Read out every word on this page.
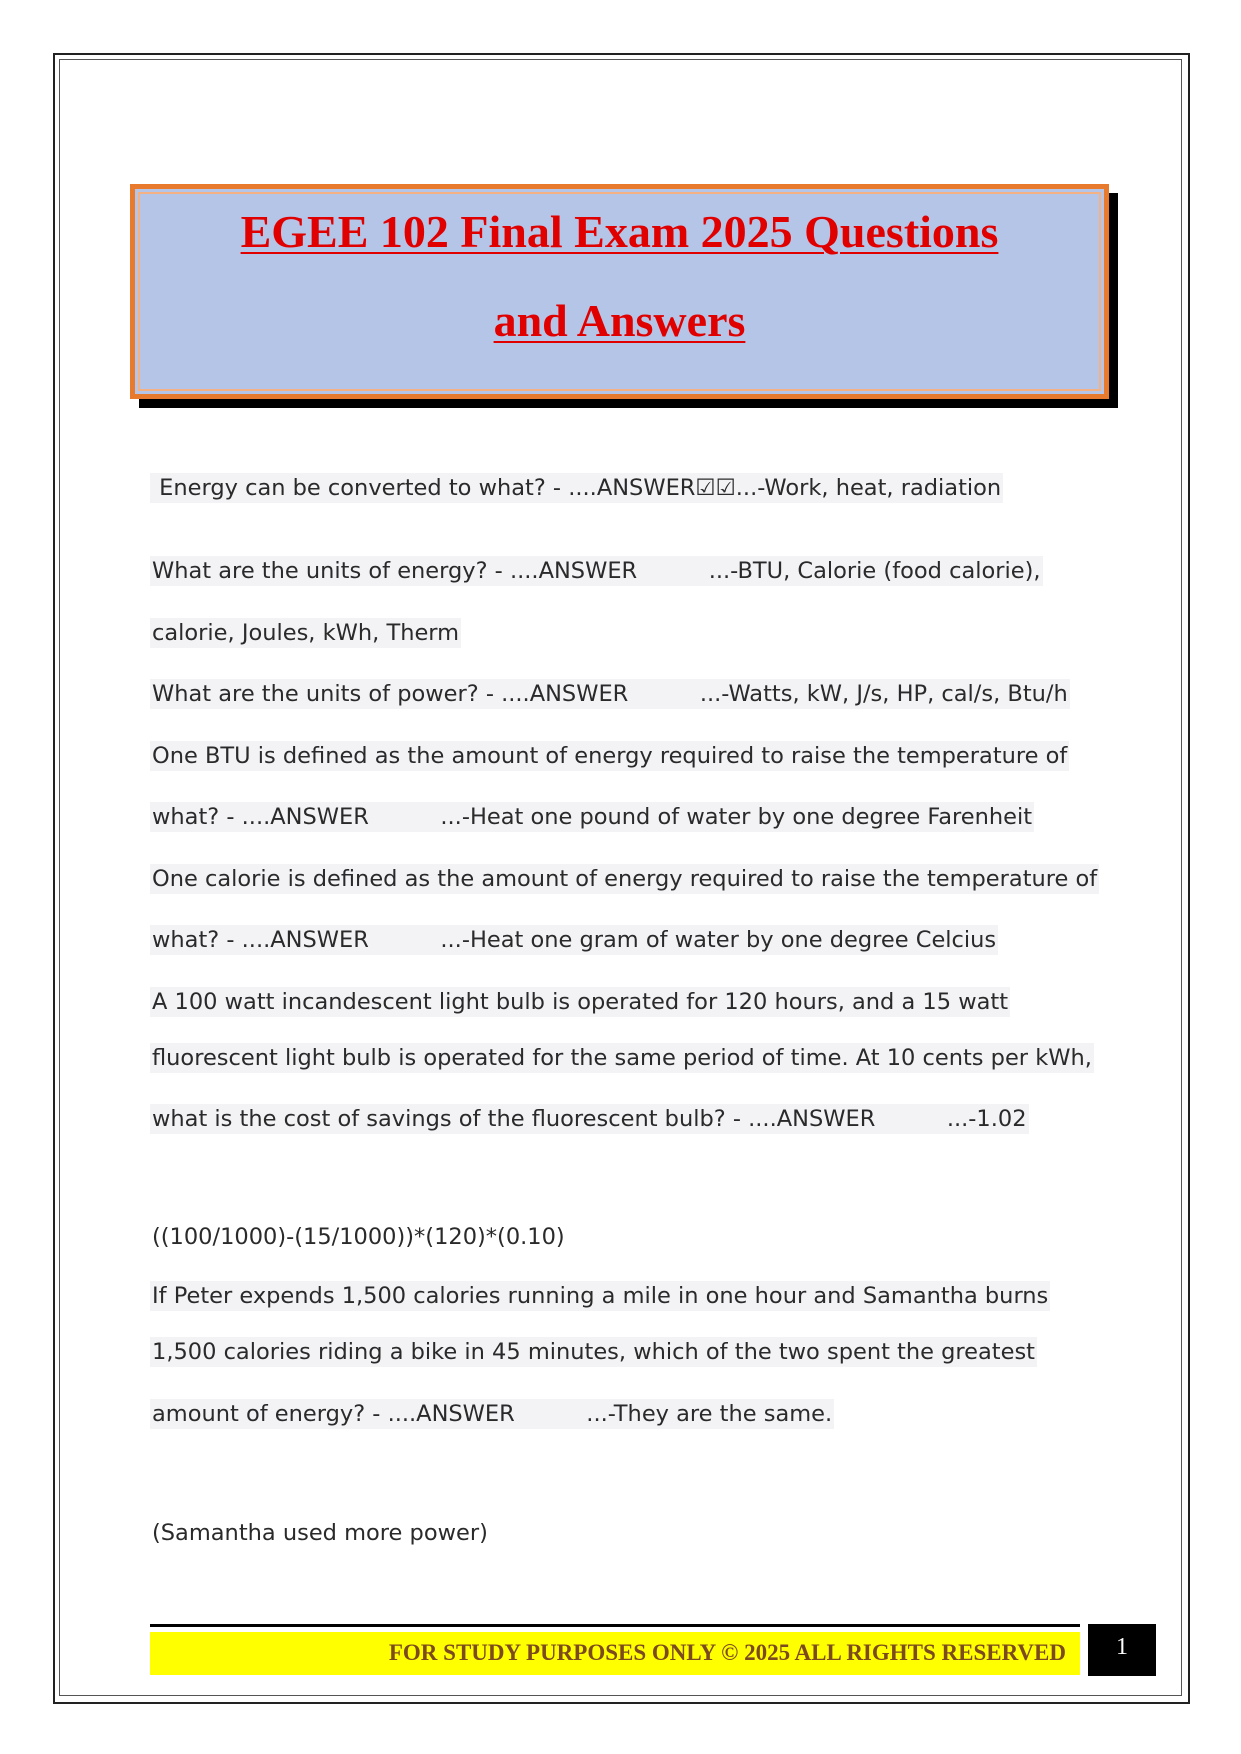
EGEE 102 Final Exam 2025 Questions
and Answers
Energy can be converted to what? - ....ANSWER☑☑...-Work, heat, radiation
What are the units of energy? - ....ANSWER          ...-BTU, Calorie (food calorie),
calorie, Joules, kWh, Therm
What are the units of power? - ....ANSWER          ...-Watts, kW, J/s, HP, cal/s, Btu/h
One BTU is defined as the amount of energy required to raise the temperature of
what? - ....ANSWER          ...-Heat one pound of water by one degree Farenheit
One calorie is defined as the amount of energy required to raise the temperature of
what? - ....ANSWER          ...-Heat one gram of water by one degree Celcius
A 100 watt incandescent light bulb is operated for 120 hours, and a 15 watt
fluorescent light bulb is operated for the same period of time. At 10 cents per kWh,
what is the cost of savings of the fluorescent bulb? - ....ANSWER          ...-1.02
((100/1000)-(15/1000))*(120)*(0.10)
If Peter expends 1,500 calories running a mile in one hour and Samantha burns
1,500 calories riding a bike in 45 minutes, which of the two spent the greatest
amount of energy? - ....ANSWER          ...-They are the same.
(Samantha used more power)
FOR STUDY PURPOSES ONLY © 2025 ALL RIGHTS RESERVED	1
